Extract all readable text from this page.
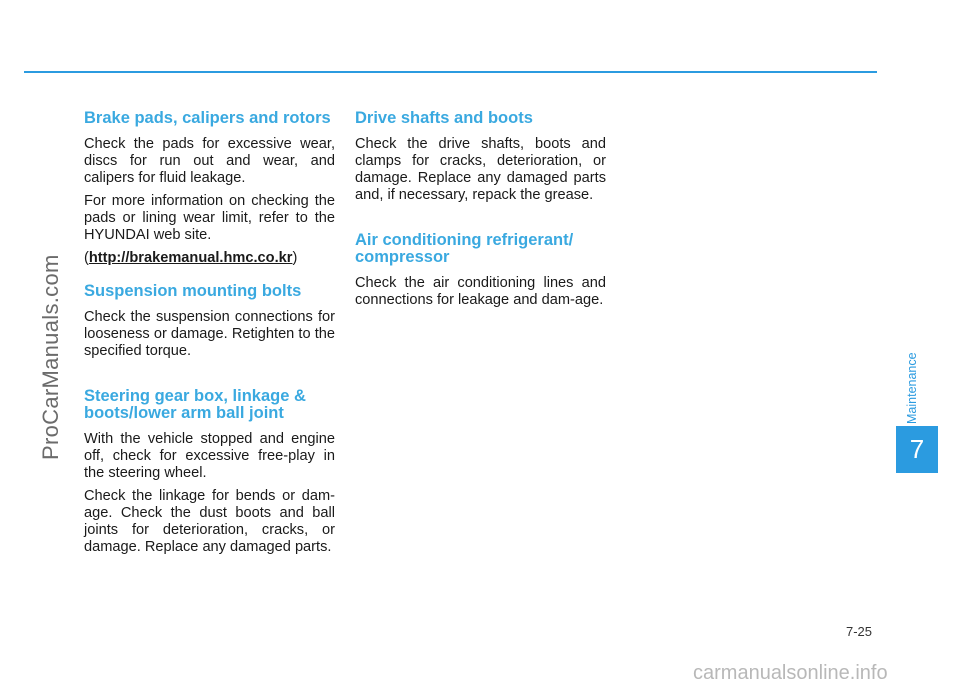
ProCarManuals.com
Brake pads, calipers and rotors

Check the pads for excessive wear, discs for run out and wear, and calipers for fluid leakage.

For more information on checking the pads or lining wear limit, refer to the HYUNDAI web site.

(http://brakemanual.hmc.co.kr)

Suspension mounting bolts

Check the suspension connections for looseness or damage. Retighten to the specified torque.

Steering gear box, linkage & boots/lower arm ball joint

With the vehicle stopped and engine off, check for excessive free-play in the steering wheel.

Check the linkage for bends or dam-age. Check the dust boots and ball joints for deterioration, cracks, or damage. Replace any damaged parts.

Drive shafts and boots

Check the drive shafts, boots and clamps for cracks, deterioration, or damage. Replace any damaged parts and, if necessary, repack the grease.

Air conditioning refrigerant/ compressor

Check the air conditioning lines and connections for leakage and dam-age.

Maintenance
7
7-25
carmanualsonline.info
